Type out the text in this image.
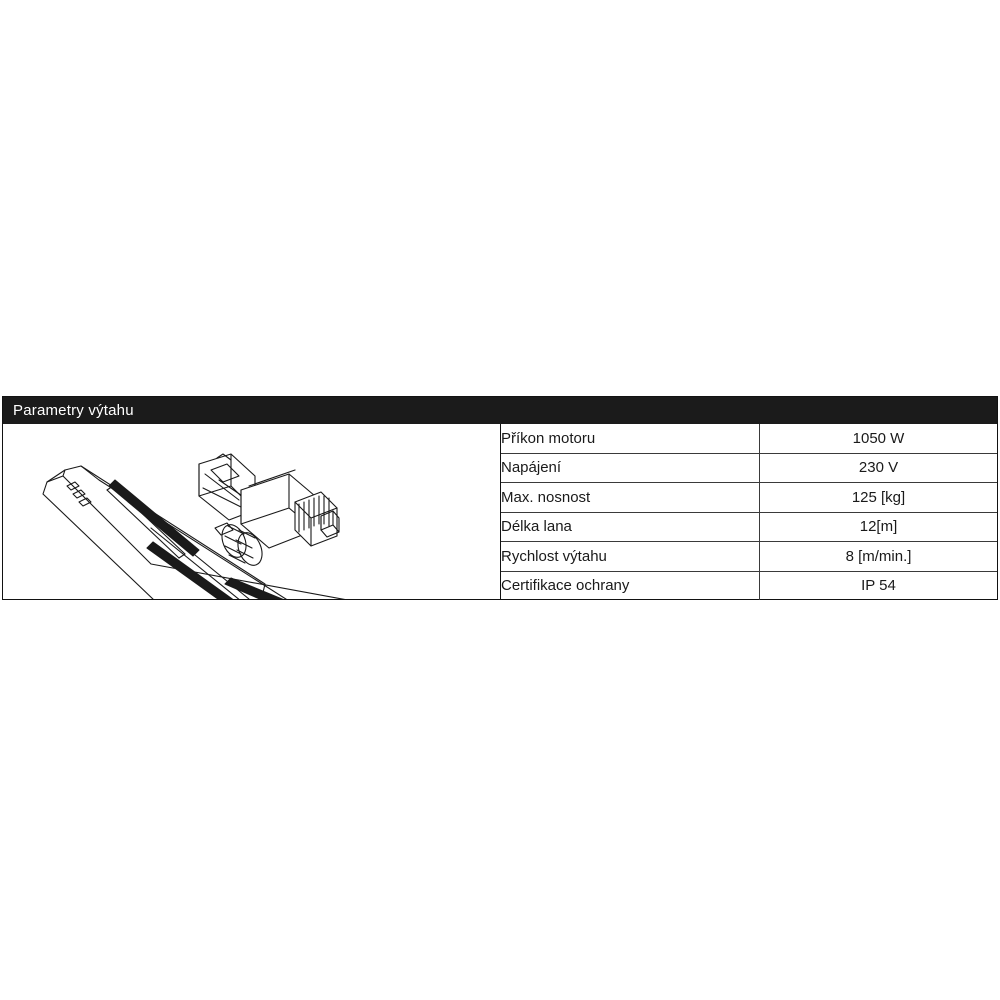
Parametry výtahu
Příkon motoru	1050 W
Napájení	230 V
Max. nosnost	125 [kg]
Délka lana	12[m]
Rychlost výtahu	8 [m/min.]
Certifikace ochrany	IP 54
